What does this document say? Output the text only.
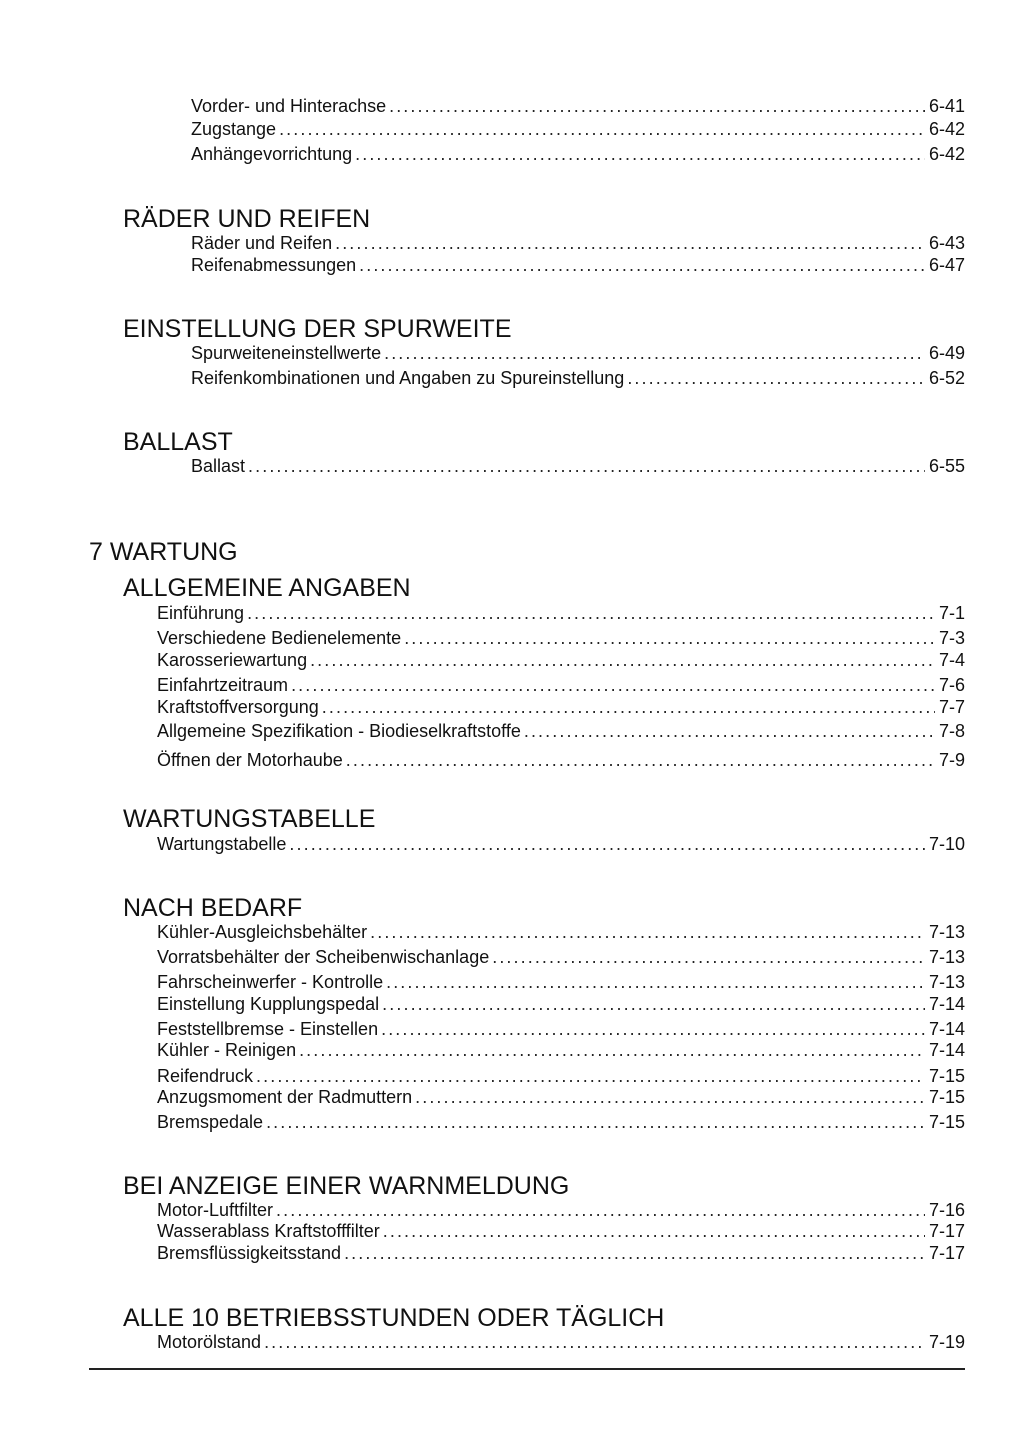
Vorder- und Hinterachse .....	6-41
Zugstange .....	6-42
Anhängevorrichtung .....	6-42
RÄDER UND REIFEN
Räder und Reifen .....	6-43
Reifenabmessungen .....	6-47
EINSTELLUNG DER SPURWEITE
Spurweiteneinstellwerte .....	6-49
Reifenkombinationen und Angaben zu Spureinstellung .....	6-52
BALLAST
Ballast .....	6-55
7 WARTUNG
ALLGEMEINE ANGABEN
Einführung .....	7-1
Verschiedene Bedienelemente .....	7-3
Karosseriewartung .....	7-4
Einfahrtzeitraum .....	7-6
Kraftstoffversorgung .....	7-7
Allgemeine Spezifikation - Biodieselkraftstoffe .....	7-8
Öffnen der Motorhaube .....	7-9
WARTUNGSTABELLE
Wartungstabelle .....	7-10
NACH BEDARF
Kühler-Ausgleichsbehälter .....	7-13
Vorratsbehälter der Scheibenwischanlage .....	7-13
Fahrscheinwerfer - Kontrolle .....	7-13
Einstellung Kupplungspedal .....	7-14
Feststellbremse - Einstellen .....	7-14
Kühler - Reinigen .....	7-14
Reifendruck .....	7-15
Anzugsmoment der Radmuttern .....	7-15
Bremspedale .....	7-15
BEI ANZEIGE EINER WARNMELDUNG
Motor-Luftfilter .....	7-16
Wasserablass Kraftstofffilter .....	7-17
Bremsflüssigkeitsstand .....	7-17
ALLE 10 BETRIEBSSTUNDEN ODER TÄGLICH
Motorölstand .....	7-19
